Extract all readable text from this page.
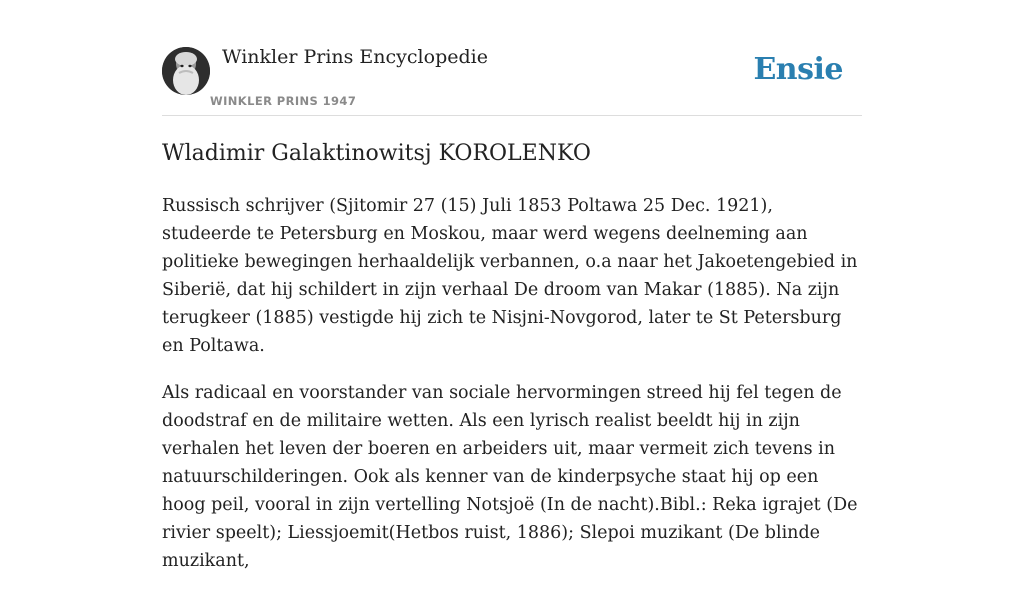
Winkler Prins Encyclopedie
WINKLER PRINS 1947
Ensie
Wladimir Galaktinowitsj KOROLENKO

Russisch schrijver (Sjitomir 27 (15) Juli 1853 Poltawa 25 Dec. 1921), studeerde te Petersburg en Moskou, maar werd wegens deelneming aan politieke bewegingen herhaaldelijk verbannen, o.a naar het Jakoetengebied in Siberië, dat hij schildert in zijn verhaal De droom van Makar (1885). Na zijn terugkeer (1885) vestigde hij zich te Nisjni-Novgorod, later te St Petersburg en Poltawa.

Als radicaal en voorstander van sociale hervormingen streed hij fel tegen de doodstraf en de militaire wetten. Als een lyrisch realist beeldt hij in zijn verhalen het leven der boeren en arbeiders uit, maar vermeit zich tevens in natuurschilderingen. Ook als kenner van de kinderpsyche staat hij op een hoog peil, vooral in zijn vertelling Notsjoë (In de nacht).Bibl.: Reka igrajet (De rivier speelt); Liessjoemit(Hetbos ruist, 1886); Slepoi muzikant (De blinde muzikant,
